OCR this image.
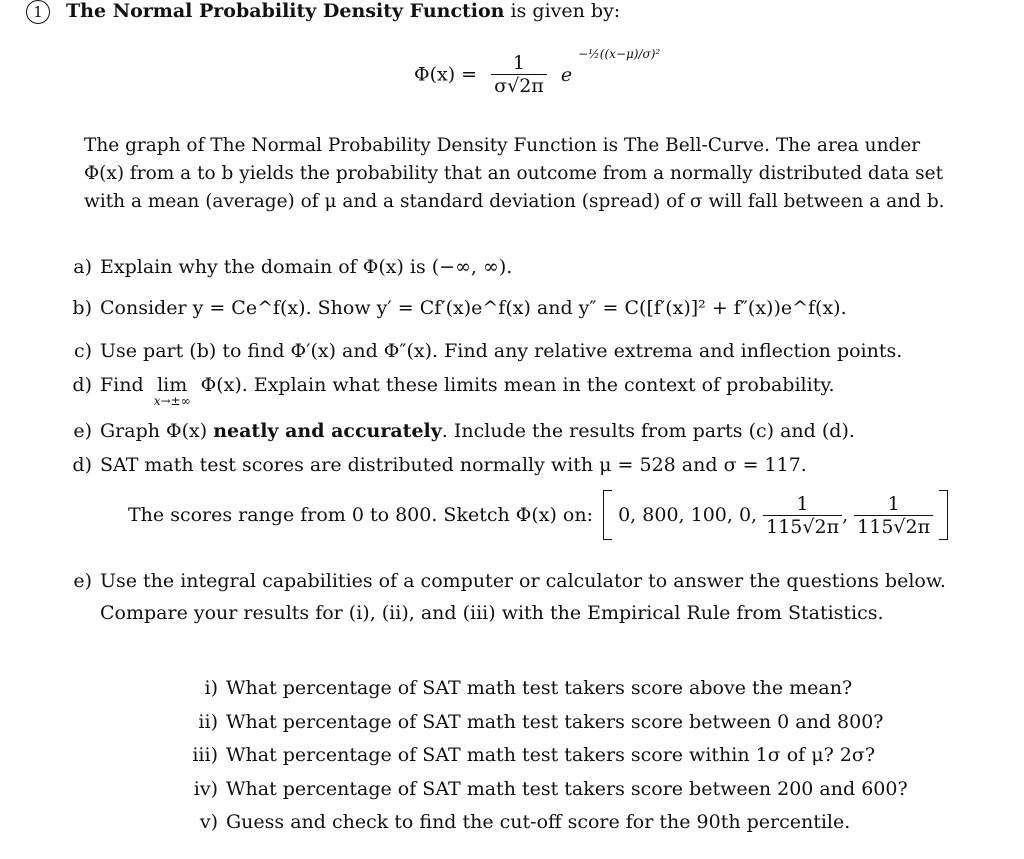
1 The Normal Probability Density Function is given by:
$\Phi(x) = \frac{1}{\sigma√2\pi}$ e $^{-\frac{1}{2}((x-\mu)/\sigma)^2}$
The graph of The Normal Probability Density Function is The Bell-Curve. The area under
Φ(x) from a to b yields the probability that an outcome from a normally distributed data set
with a mean (average) of μ and a standard deviation (spread) of σ will fall between a and b.
a) Explain why the domain of Φ(x) is (−∞, ∞).
b) Consider y = Ce^f(x). Show y′ = Cf′(x)e^f(x) and y″ = C([f′(x)]² + f″(x))e^f(x).
c) Use part (b) to find Φ′(x) and Φ″(x). Find any relative extrema and inflection points.
d) Find lim
x→±∞
Φ(x). Explain what these limits mean in the context of probability.
e) Graph Φ(x) neatly and accurately. Include the results from parts (c) and (d).
d) SAT math test scores are distributed normally with μ = 528 and σ = 117.
The scores range from 0 to 800. Sketch Φ(x) on: 0, 800, 100, 0, $\frac{1}{115√2\pi}$ , $\frac{1}{115√2\pi}$

e) Use the integral capabilities of a computer or calculator to answer the questions below.
Compare your results for (i), (ii), and (iii) with the Empirical Rule from Statistics.
i) What percentage of SAT math test takers score above the mean?
ii) What percentage of SAT math test takers score between 0 and 800?
iii) What percentage of SAT math test takers score within 1σ of μ? 2σ?
iv) What percentage of SAT math test takers score between 200 and 600?
v) Guess and check to find the cut-off score for the 90th percentile.
